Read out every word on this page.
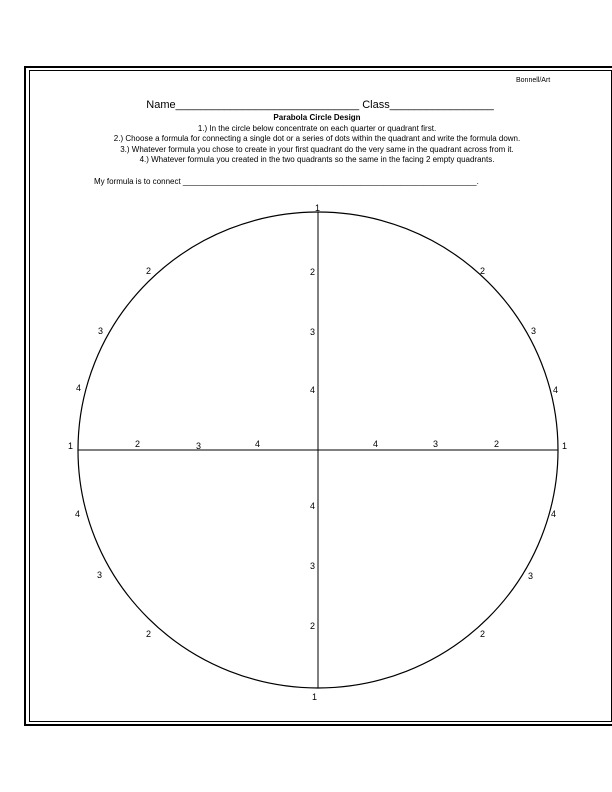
Bonnell/Art
Name______________________________ Class_________________
Parabola Circle Design
1.) In the circle below concentrate on each quarter or quadrant first.
2.) Choose a formula for connecting a single dot or a series of dots within the quadrant and write the formula down.
3.) Whatever formula you chose to create in your first quadrant do the very same in the quadrant across from it.
4.) Whatever formula you created in the two quadrants so the same in the facing 2 empty quadrants.
My formula is to connect __________________________________________________________________.
1
2
3
4
1
2
3
4
1	2	3	4	1
2
3
4
2
3
4
2
3
4
4
3
2
4
3
2
